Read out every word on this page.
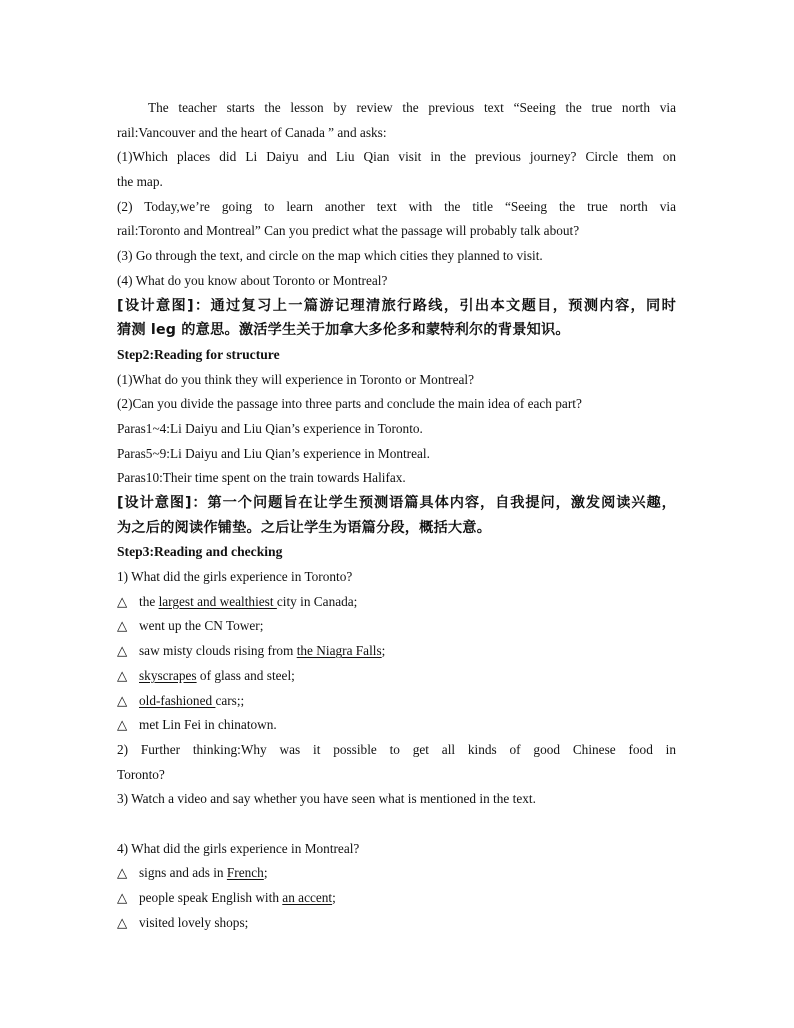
The teacher starts the lesson by review the previous text “Seeing the true north via
rail:Vancouver and the heart of Canada ” and asks:
(1)Which places did Li Daiyu and Liu Qian visit in the previous journey? Circle them on
the map.
(2) Today,we’re going to learn another text with the title “Seeing the true north via
rail:Toronto and Montreal” Can you predict what the passage will probably talk about?
(3) Go through the text, and circle on the map which cities they planned to visit.
(4) What do you know about Toronto or Montreal?
[设计意图]：通过复习上一篇游记理清旅行路线，引出本文题目，预测内容，同时
猜测 leg 的意思。激活学生关于加拿大多伦多和蒙特利尔的背景知识。
Step2:Reading for structure
(1)What do you think they will experience in Toronto or Montreal?
(2)Can you divide the passage into three parts and conclude the main idea of each part?
Paras1~4:Li Daiyu and Liu Qian’s experience in Toronto.
Paras5~9:Li Daiyu and Liu Qian’s experience in Montreal.
Paras10:Their time spent on the train towards Halifax.
[设计意图]：第一个问题旨在让学生预测语篇具体内容，自我提问，激发阅读兴趣，
为之后的阅读作铺垫。之后让学生为语篇分段，概括大意。
Step3:Reading and checking
1) What did the girls experience in Toronto?
△ the largest and wealthiest city in Canada;
△ went up the CN Tower;
△ saw misty clouds rising from the Niagra Falls;
△ skyscrapes of glass and steel;
△ old-fashioned cars;;
△ met Lin Fei in chinatown.
2) Further thinking:Why was it possible to get all kinds of good Chinese food in
Toronto?
3) Watch a video and say whether you have seen what is mentioned in the text.
4) What did the girls experience in Montreal?
△ signs and ads in French;
△ people speak English with an accent;
△ visited lovely shops;
